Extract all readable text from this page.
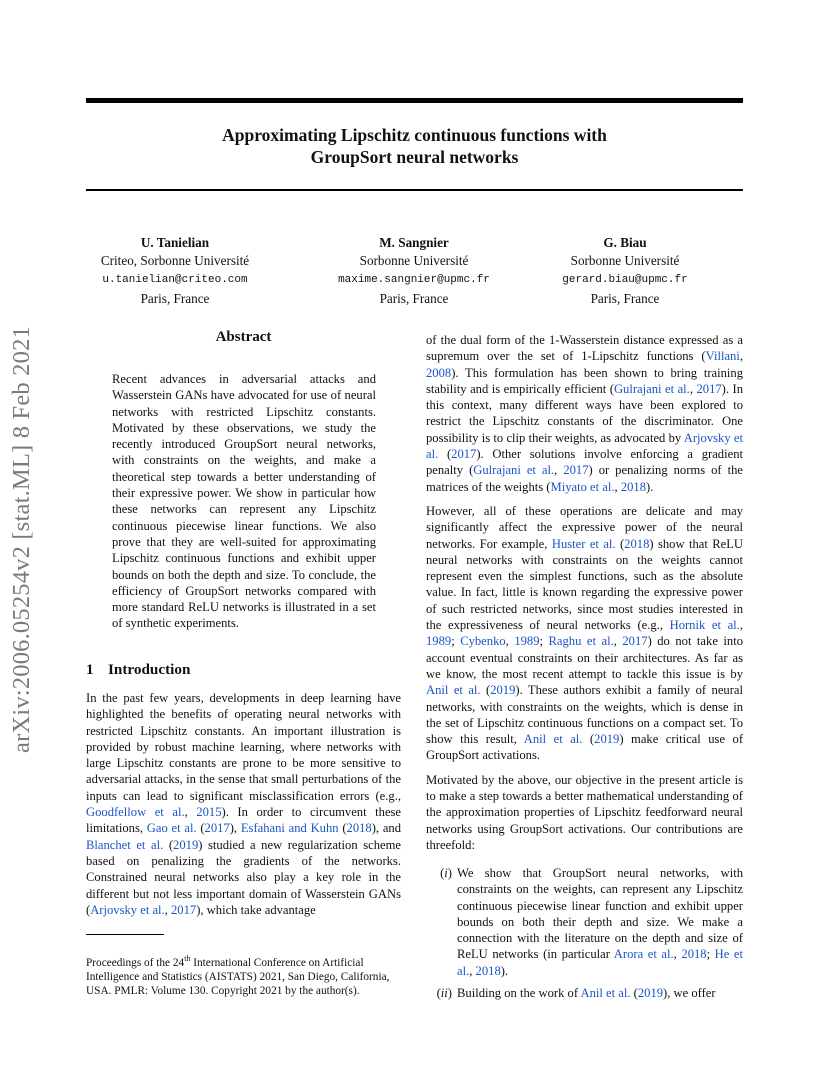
Approximating Lipschitz continuous functions with
GroupSort neural networks
U. Tanielian
Criteo, Sorbonne Université
u.tanielian@criteo.com
Paris, France
M. Sangnier
Sorbonne Université
maxime.sangnier@upmc.fr
Paris, France
G. Biau
Sorbonne Université
gerard.biau@upmc.fr
Paris, France
arXiv:2006.05254v2 [stat.ML] 8 Feb 2021	Abstract
Recent advances in adversarial attacks and Wasserstein GANs have advocated for use of neural networks with restricted Lipschitz constants. Motivated by these observations, we study the recently introduced GroupSort neural networks, with constraints on the weights, and make a theoretical step towards a better understanding of their expressive power. We show in particular how these networks can represent any Lipschitz continuous piecewise linear functions. We also prove that they are well-suited for approximating Lipschitz continuous functions and exhibit upper bounds on both the depth and size. To conclude, the efficiency of GroupSort networks compared with more standard ReLU networks is illustrated in a set of synthetic experiments.
1 Introduction

In the past few years, developments in deep learning have highlighted the benefits of operating neural networks with restricted Lipschitz constants. An important illustration is provided by robust machine learning, where networks with large Lipschitz constants are prone to be more sensitive to adversarial attacks, in the sense that small perturbations of the inputs can lead to significant misclassification errors (e.g., Goodfellow et al., 2015). In order to circumvent these limitations, Gao et al. (2017), Esfahani and Kuhn (2018), and Blanchet et al. (2019) studied a new regularization scheme based on penalizing the gradients of the networks. Constrained neural networks also play a key role in the different but not less important domain of Wasserstein GANs (Arjovsky et al., 2017), which take advantage

Proceedings of the 24th International Conference on Artificial Intelligence and Statistics (AISTATS) 2021, San Diego, California, USA. PMLR: Volume 130. Copyright 2021 by the author(s).

of the dual form of the 1-Wasserstein distance expressed as a supremum over the set of 1-Lipschitz functions (Villani, 2008). This formulation has been shown to bring training stability and is empirically efficient (Gulrajani et al., 2017). In this context, many different ways have been explored to restrict the Lipschitz constants of the discriminator. One possibility is to clip their weights, as advocated by Arjovsky et al. (2017). Other solutions involve enforcing a gradient penalty (Gulrajani et al., 2017) or penalizing norms of the matrices of the weights (Miyato et al., 2018).

However, all of these operations are delicate and may significantly affect the expressive power of the neural networks. For example, Huster et al. (2018) show that ReLU neural networks with constraints on the weights cannot represent even the simplest functions, such as the absolute value. In fact, little is known regarding the expressive power of such restricted networks, since most studies interested in the expressiveness of neural networks (e.g., Hornik et al., 1989; Cybenko, 1989; Raghu et al., 2017) do not take into account eventual constraints on their architectures. As far as we know, the most recent attempt to tackle this issue is by Anil et al. (2019). These authors exhibit a family of neural networks, with constraints on the weights, which is dense in the set of Lipschitz continuous functions on a compact set. To show this result, Anil et al. (2019) make critical use of GroupSort activations.

Motivated by the above, our objective in the present article is to make a step towards a better mathematical understanding of the approximation properties of Lipschitz feedforward neural networks using GroupSort activations. Our contributions are threefold:

(i) We show that GroupSort neural networks, with constraints on the weights, can represent any Lipschitz continuous piecewise linear function and exhibit upper bounds on both their depth and size. We make a connection with the literature on the depth and size of ReLU networks (in particular Arora et al., 2018; He et al., 2018).
(ii) Building on the work of Anil et al. (2019), we offer
